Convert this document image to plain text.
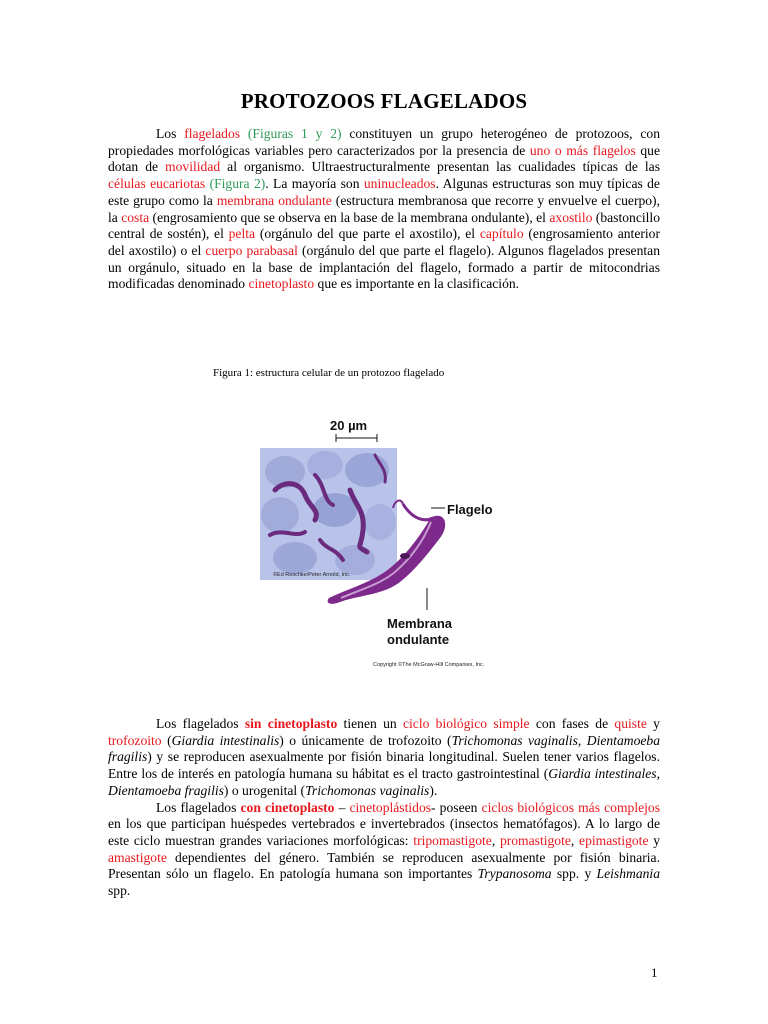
PROTOZOOS FLAGELADOS

Los flagelados (Figuras 1 y 2) constituyen un grupo heterogéneo de protozoos, con propiedades morfológicas variables pero caracterizados por la presencia de uno o más flagelos que dotan de movilidad al organismo. Ultraestructuralmente presentan las cualidades típicas de las células eucariotas (Figura 2). La mayoría son uninucleados. Algunas estructuras son muy típicas de este grupo como la membrana ondulante (estructura membranosa que recorre y envuelve el cuerpo), la costa (engrosamiento que se observa en la base de la membrana ondulante), el axostilo (bastoncillo central de sostén), el pelta (orgánulo del que parte el axostilo), el capítulo (engrosamiento anterior del axostilo) o el cuerpo parabasal (orgánulo del que parte el flagelo). Algunos flagelados presentan un orgánulo, situado en la base de implantación del flagelo, formado a partir de mitocondrias modificadas denominado cinetoplasto que es importante en la clasificación.

Figura 1: estructura celular de un protozoo flagelado
©Ed Reschke/Peter Arnold, Inc.
20 µm
Flagelo
Membrana
ondulante
Copyright ©The McGraw-Hill Companies, Inc.

Los flagelados sin cinetoplasto tienen un ciclo biológico simple con fases de quiste y trofozoito (Giardia intestinalis) o únicamente de trofozoito (Trichomonas vaginalis, Dientamoeba fragilis) y se reproducen asexualmente por fisión binaria longitudinal. Suelen tener varios flagelos. Entre los de interés en patología humana su hábitat es el tracto gastrointestinal (Giardia intestinales, Dientamoeba fragilis) o urogenital (Trichomonas vaginalis).

Los flagelados con cinetoplasto – cinetoplástidos- poseen ciclos biológicos más complejos en los que participan huéspedes vertebrados e invertebrados (insectos hematófagos). A lo largo de este ciclo muestran grandes variaciones morfológicas: tripomastigote, promastigote, epimastigote y amastigote dependientes del género. También se reproducen asexualmente por fisión binaria. Presentan sólo un flagelo. En patología humana son importantes Trypanosoma spp. y Leishmania spp.

1
